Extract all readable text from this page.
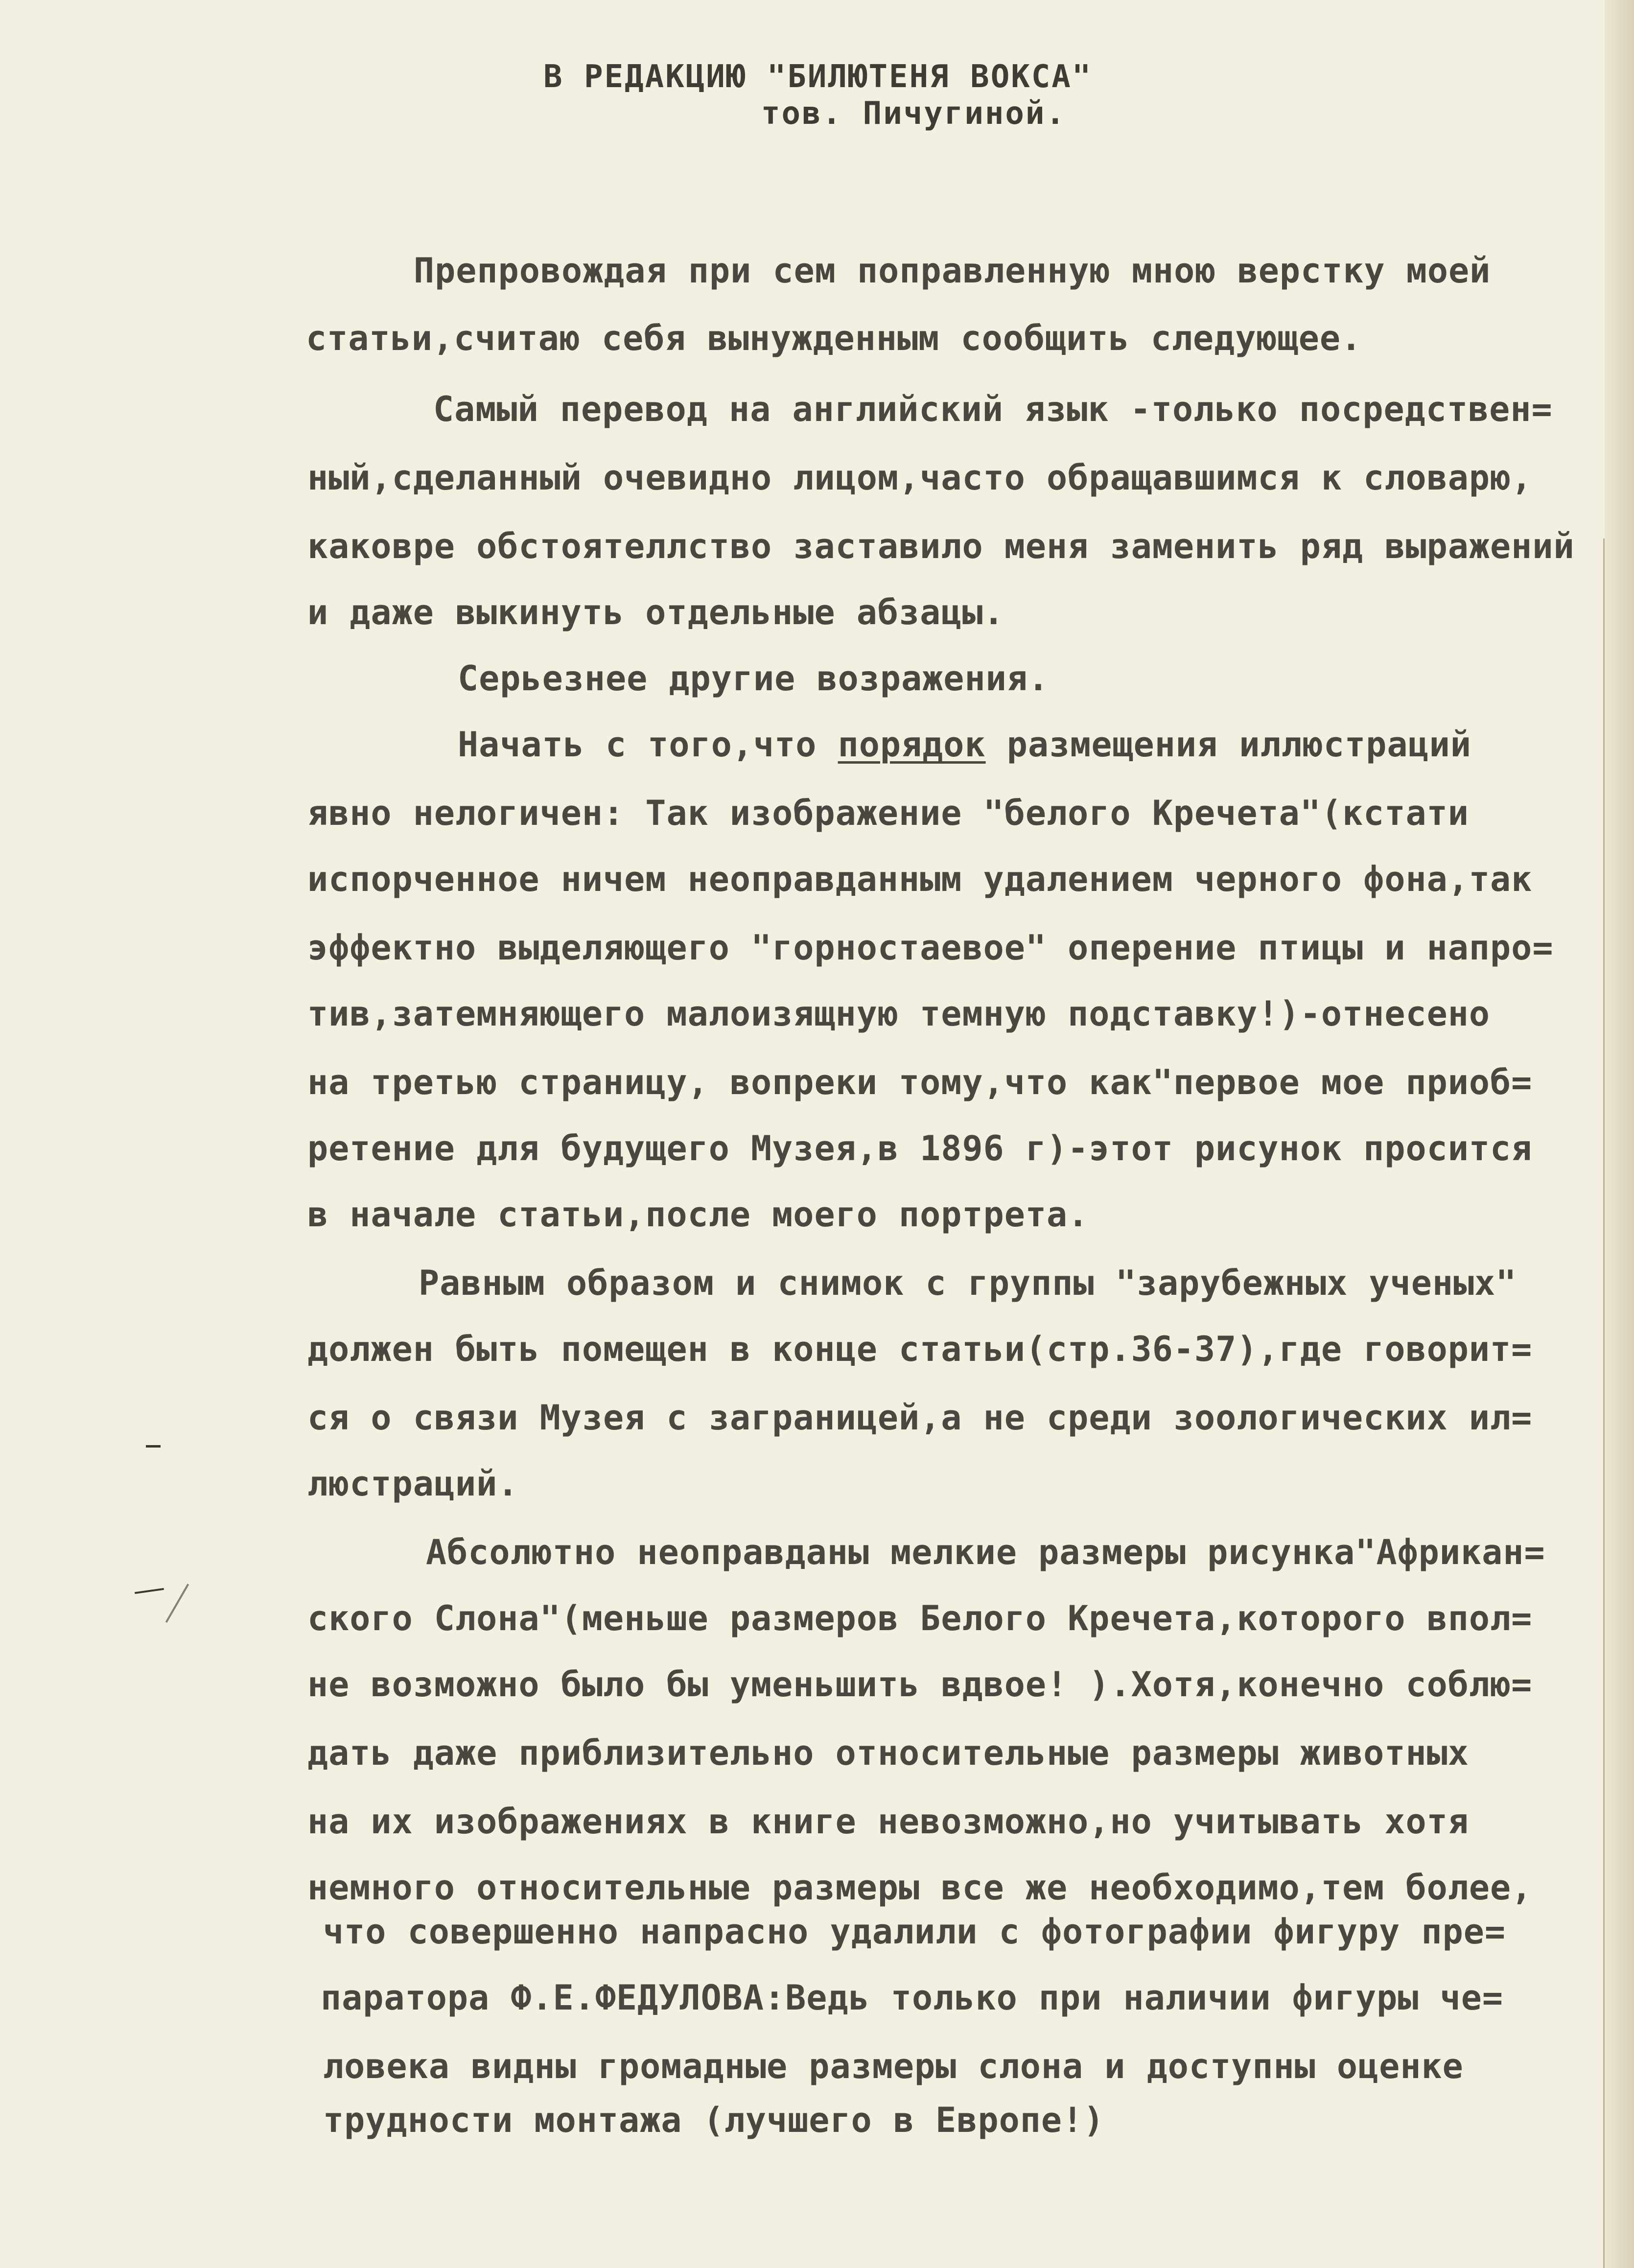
В РЕДАКЦИЮ "БИЛЮТЕНЯ ВОКСА"
тов. Пичугиной.
Препровождая при сем поправленную мною верстку моей
статьи,считаю себя вынужденным сообщить следующее.
Самый перевод на английский язык -только посредствен=
ный,сделанный очевидно лицом,часто обращавшимся к словарю,
каковре обстоятеллство заставило меня заменить ряд выражений
и даже выкинуть отдельные абзацы.
Серьезнее другие возражения.
Начать с того,что порядок размещения иллюстраций
явно нелогичен: Так изображение "белого Кречета"(кстати
испорченное ничем неоправданным удалением черного фона,так
эффектно выделяющего "горностаевое" оперение птицы и напро=
тив,затемняющего малоизящную темную подставку!)-отнесено
на третью страницу, вопреки тому,что как"первое мое приоб=
ретение для будущего Музея,в 1896 г)-этот рисунок просится
в начале статьи,после моего портрета.
Равным образом и снимок с группы "зарубежных ученых"
должен быть помещен в конце статьи(стр.36-37),где говорит=
ся о связи Музея с заграницей,а не среди зоологических ил=
люстраций.
Абсолютно неоправданы мелкие размеры рисунка"Африкан=
ского Слона"(меньше размеров Белого Кречета,которого впол=
не возможно было бы уменьшить вдвое! ).Хотя,конечно соблю=
дать даже приблизительно относительные размеры животных
на их изображениях в книге невозможно,но учитывать хотя
немного относительные размеры все же необходимо,тем более,
что совершенно напрасно удалили с фотографии фигуру пре=
паратора Ф.Е.ФЕДУЛОВА:Ведь только при наличии фигуры че=
ловека видны громадные размеры слона и доступны оценке
трудности монтажа (лучшего в Европе!)
